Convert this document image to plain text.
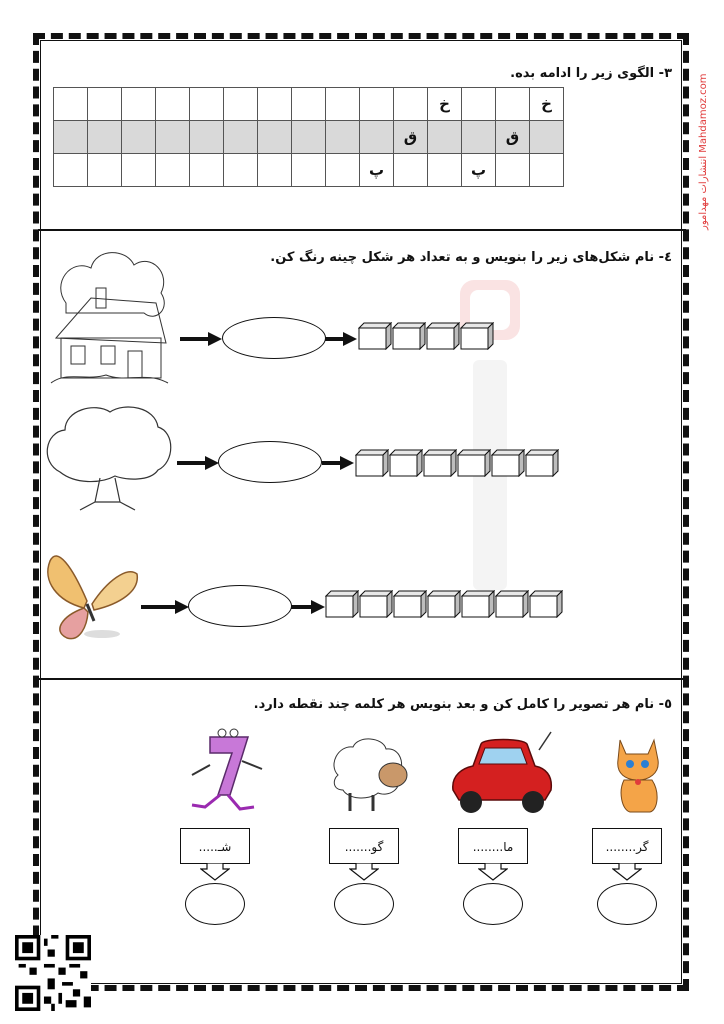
انتشارات مهدامور Mahdamoz.com
۳- الگوی زیر را ادامه بده.
خ			خ											
	ق			ق										
		پ			پ									
٤- نام شکل‌های زیر را بنویس و به تعداد هر شکل چینه رنگ کن.
٥- نام هر تصویر را کامل کن و بعد بنویس هر کلمه چند نقطه دارد.
گر........
ما........
گو.......
شـ.....
